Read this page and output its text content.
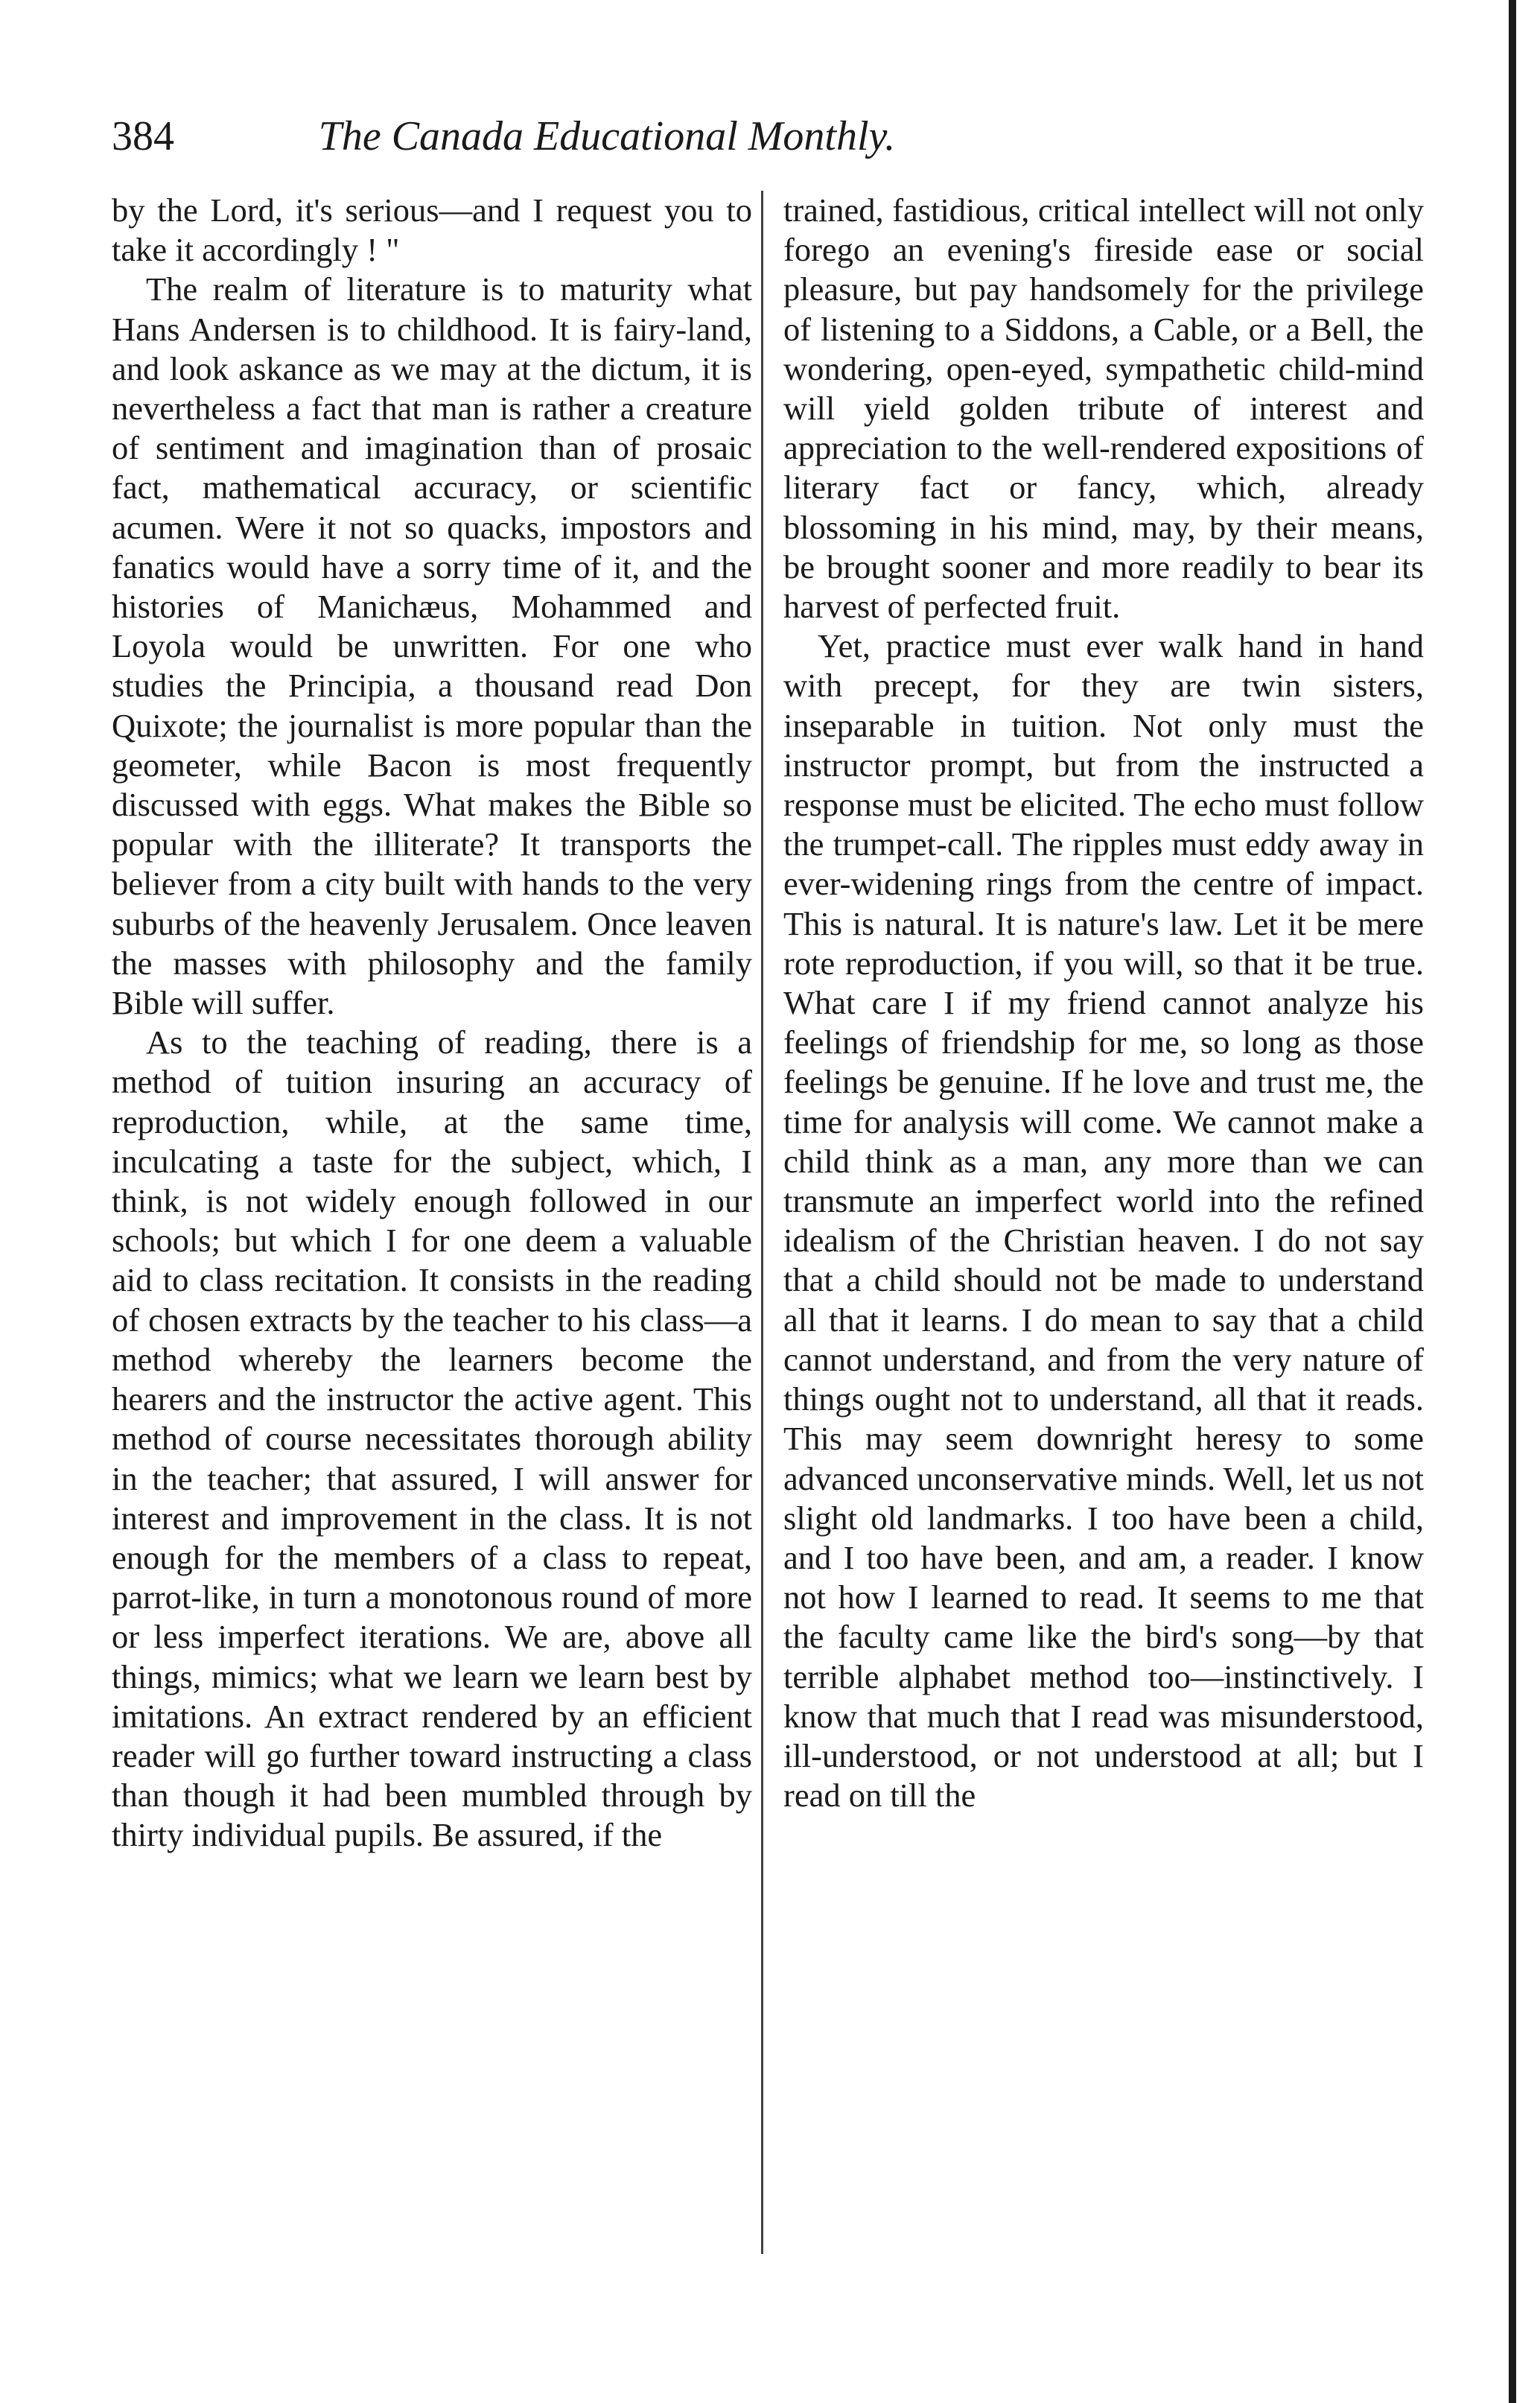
384	The Canada Educational Monthly.

by the Lord, it's serious—and I request you to take it accordingly ! "

The realm of literature is to maturity what Hans Andersen is to childhood. It is fairy-land, and look askance as we may at the dictum, it is nevertheless a fact that man is rather a creature of sentiment and imagination than of prosaic fact, mathematical accuracy, or scientific acumen. Were it not so quacks, impostors and fanatics would have a sorry time of it, and the histories of Manichæus, Mohammed and Loyola would be unwritten. For one who studies the Principia, a thousand read Don Quixote; the journalist is more popular than the geometer, while Bacon is most frequently discussed with eggs. What makes the Bible so popular with the illiterate? It transports the believer from a city built with hands to the very suburbs of the heavenly Jerusalem. Once leaven the masses with philosophy and the family Bible will suffer.

As to the teaching of reading, there is a method of tuition insuring an accuracy of reproduction, while, at the same time, inculcating a taste for the subject, which, I think, is not widely enough followed in our schools; but which I for one deem a valuable aid to class recitation. It consists in the reading of chosen extracts by the teacher to his class—a method whereby the learners become the hearers and the instructor the active agent. This method of course necessitates thorough ability in the teacher; that assured, I will answer for interest and improvement in the class. It is not enough for the members of a class to repeat, parrot-like, in turn a monotonous round of more or less imperfect iterations. We are, above all things, mimics; what we learn we learn best by imitations. An extract rendered by an efficient reader will go further toward instructing a class than though it had been mumbled through by thirty individual pupils. Be assured, if the

trained, fastidious, critical intellect will not only forego an evening's fireside ease or social pleasure, but pay handsomely for the privilege of listening to a Siddons, a Cable, or a Bell, the wondering, open-eyed, sympathetic child-mind will yield golden tribute of interest and appreciation to the well-rendered expositions of literary fact or fancy, which, already blossoming in his mind, may, by their means, be brought sooner and more readily to bear its harvest of perfected fruit.

Yet, practice must ever walk hand in hand with precept, for they are twin sisters, inseparable in tuition. Not only must the instructor prompt, but from the instructed a response must be elicited. The echo must follow the trumpet-call. The ripples must eddy away in ever-widening rings from the centre of impact. This is natural. It is nature's law. Let it be mere rote reproduction, if you will, so that it be true. What care I if my friend cannot analyze his feelings of friendship for me, so long as those feelings be genuine. If he love and trust me, the time for analysis will come. We cannot make a child think as a man, any more than we can transmute an imperfect world into the refined idealism of the Christian heaven. I do not say that a child should not be made to understand all that it learns. I do mean to say that a child cannot understand, and from the very nature of things ought not to understand, all that it reads. This may seem downright heresy to some advanced unconservative minds. Well, let us not slight old landmarks. I too have been a child, and I too have been, and am, a reader. I know not how I learned to read. It seems to me that the faculty came like the bird's song—by that terrible alphabet method too—instinctively. I know that much that I read was misunderstood, ill-understood, or not understood at all; but I read on till the
